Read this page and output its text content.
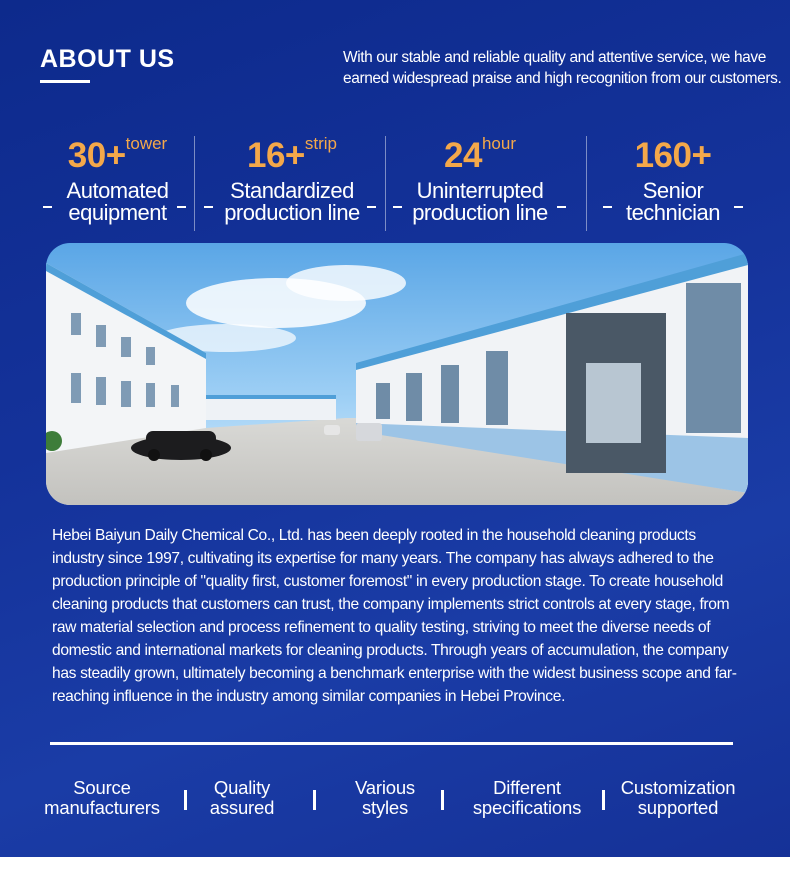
ABOUT US	With our stable and reliable quality and attentive service, we have earned widespread praise and high recognition from our customers.
30+tower
Automated
equipment
16+strip
Standardized
production line
24hour
Uninterrupted
production line
160+
Senior
technician
Hebei Baiyun Daily Chemical Co., Ltd. has been deeply rooted in the household cleaning products industry since 1997, cultivating its expertise for many years. The company has always adhered to the production principle of "quality first, customer foremost" in every production stage. To create household cleaning products that customers can trust, the company implements strict controls at every stage, from raw material selection and process refinement to quality testing, striving to meet the diverse needs of domestic and international markets for cleaning products. Through years of accumulation, the company has steadily grown, ultimately becoming a benchmark enterprise with the widest business scope and far-reaching influence in the industry among similar companies in Hebei Province.
Source
manufacturers
Quality
assured
Various
styles
Different
specifications
Customization
supported
